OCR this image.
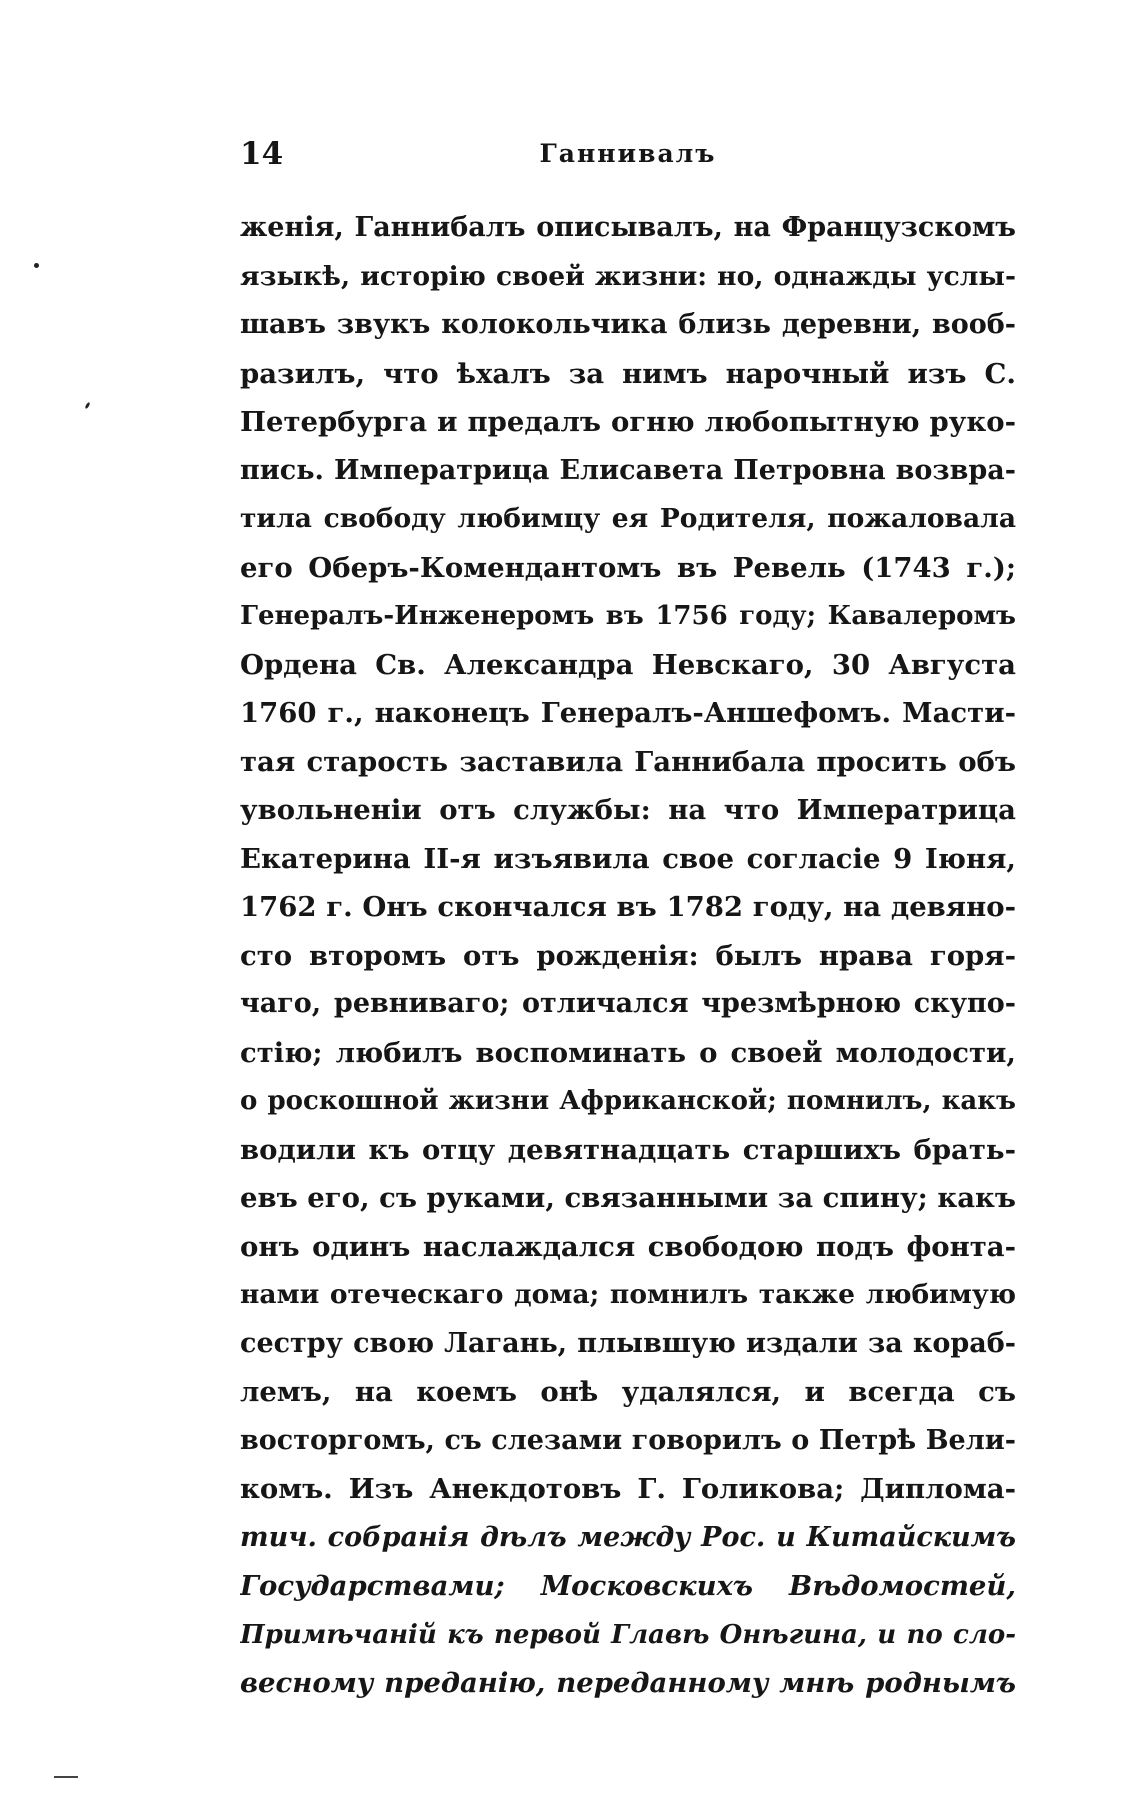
14	Ганнивалъ
женія, Ганнибалъ описывалъ, на Французскомъ
языкѣ, исторію своей жизни: но, однажды услы-
шавъ звукъ колокольчика близь деревни, вооб-
разилъ, что ѣхалъ за нимъ нарочный изъ С.
Петербурга и предалъ огню любопытную руко-
пись. Императрица Елисавета Петровна возвра-
тила свободу любимцу ея Родителя, пожаловала
его Оберъ-Комендантомъ въ Ревель (1743 г.);
Генералъ-Инженеромъ въ 1756 году; Кавалеромъ
Ордена Св. Александра Невскаго, 30 Августа
1760 г., наконецъ Генералъ-Аншефомъ. Масти-
тая старость заставила Ганнибала просить объ
увольненіи отъ службы: на что Императрица
Екатерина II-я изъявила свое согласіе 9 Іюня,
1762 г. Онъ скончался въ 1782 году, на девяно-
сто второмъ отъ рожденія: былъ нрава горя-
чаго, ревниваго; отличался чрезмѣрною скупо-
стію; любилъ воспоминать о своей молодости,
о роскошной жизни Африканской; помнилъ, какъ
водили къ отцу девятнадцать старшихъ брать-
евъ его, съ руками, связанными за спину; какъ
онъ одинъ наслаждался свободою подъ фонта-
нами отеческаго дома; помнилъ также любимую
сестру свою Лагань, плывшую издали за кораб-
лемъ, на коемъ онѣ удалялся, и всегда съ
восторгомъ, съ слезами говорилъ о Петрѣ Вели-
комъ. Изъ Анекдотовъ Г. Голикова; Диплома-
тич. собранія дѣлъ между Рос. и Китайскимъ
Государствами; Московскихъ Вѣдомостей,
Примѣчаній къ первой Главѣ Онѣгина, и по сло-
весному преданію, переданному мнѣ роднымъ
